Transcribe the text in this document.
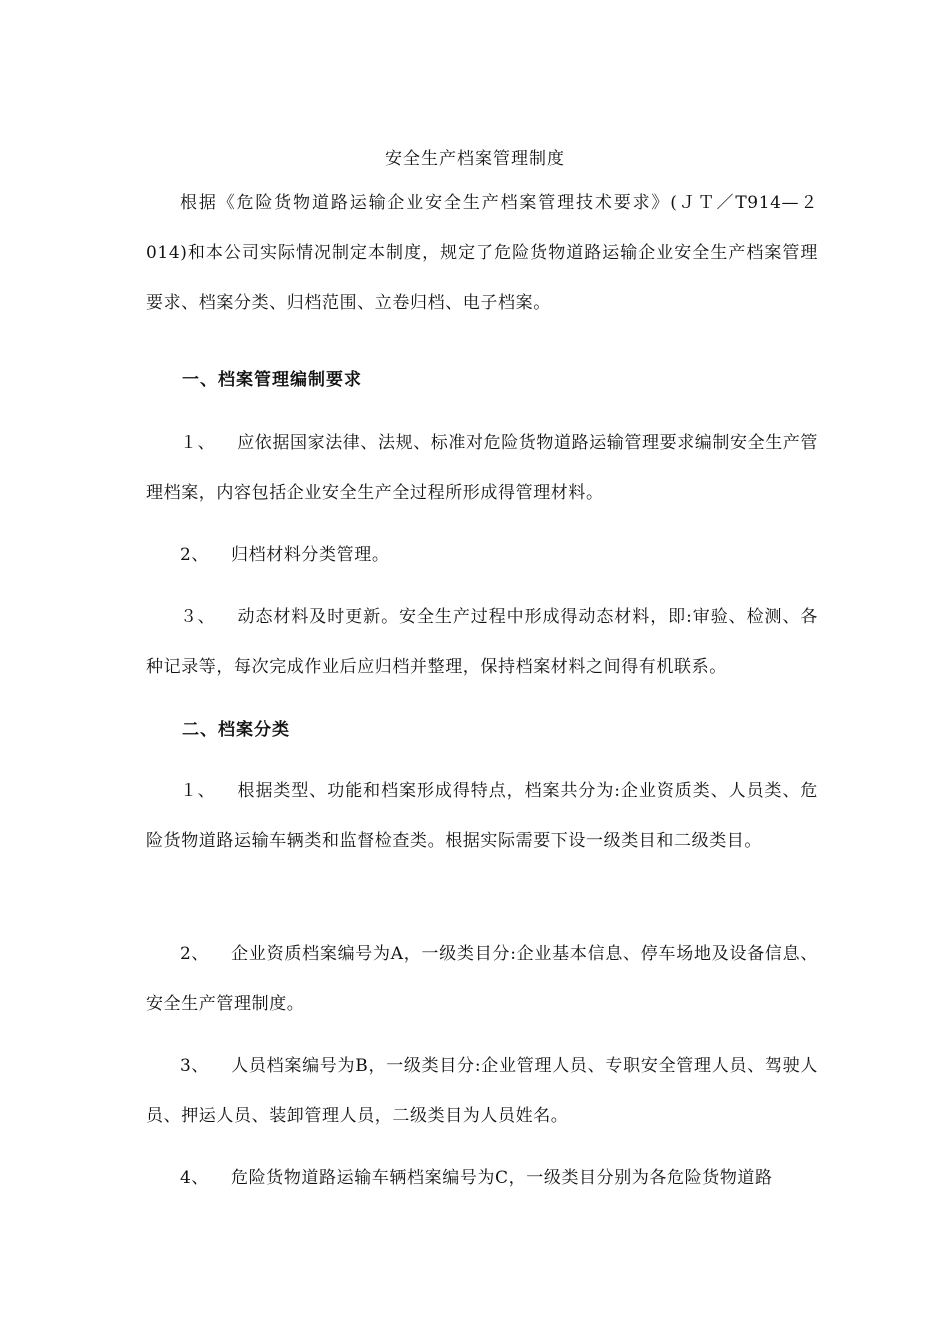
安全生产档案管理制度
根据《危险货物道路运输企业安全生产档案管理技术要求》(ＪＴ／T914—２014)和本公司实际情况制定本制度，规定了危险货物道路运输企业安全生产档案管理要求、档案分类、归档范围、立卷归档、电子档案。
一、档案管理编制要求
１、 应依据国家法律、法规、标准对危险货物道路运输管理要求编制安全生产管理档案，内容包括企业安全生产全过程所形成得管理材料。
2、 归档材料分类管理。
３、 动态材料及时更新。安全生产过程中形成得动态材料，即:审验、检测、各种记录等，每次完成作业后应归档并整理，保持档案材料之间得有机联系。
二、档案分类
１、 根据类型、功能和档案形成得特点，档案共分为:企业资质类、人员类、危险货物道路运输车辆类和监督检查类。根据实际需要下设一级类目和二级类目。
2、 企业资质档案编号为A，一级类目分:企业基本信息、停车场地及设备信息、安全生产管理制度。
3、 人员档案编号为B，一级类目分:企业管理人员、专职安全管理人员、驾驶人员、押运人员、装卸管理人员，二级类目为人员姓名。
4、 危险货物道路运输车辆档案编号为C，一级类目分别为各危险货物道路
